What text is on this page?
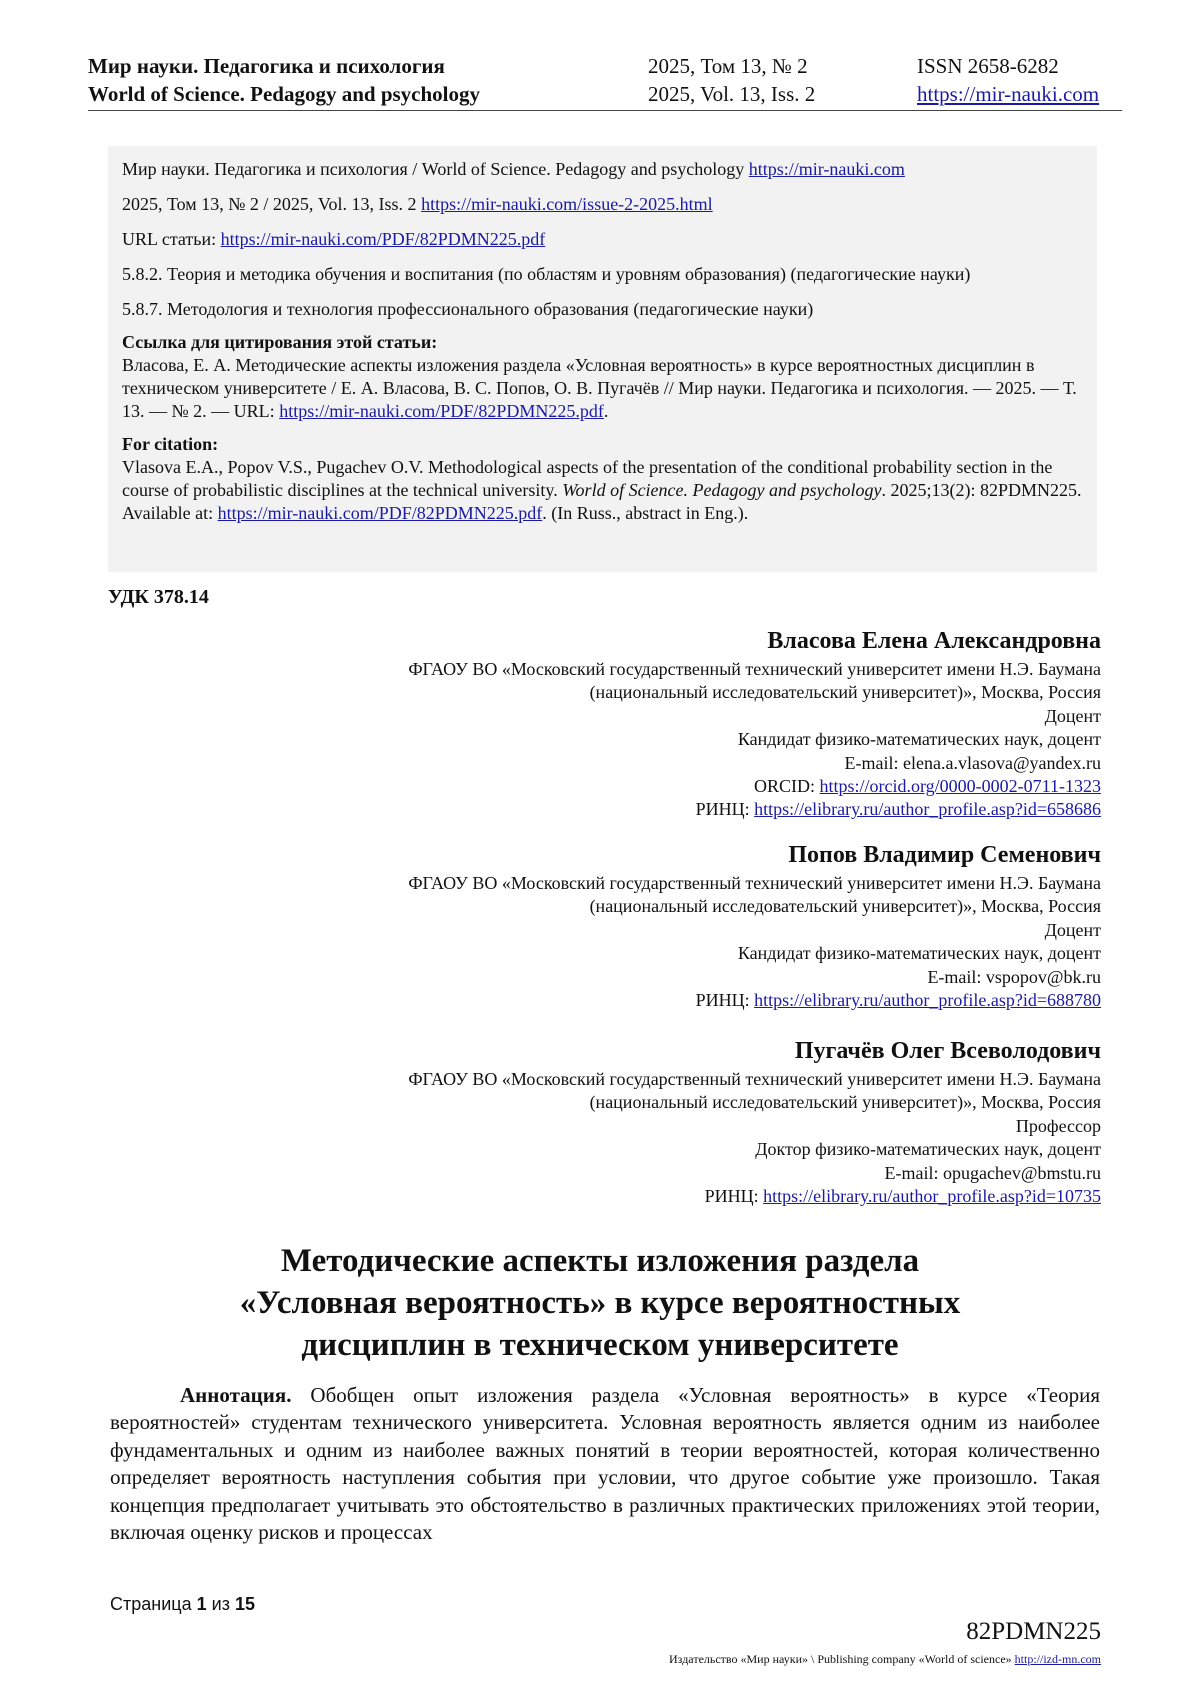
Мир науки. Педагогика и психология
World of Science. Pedagogy and psychology
2025, Том 13, № 2
2025, Vol. 13, Iss. 2
ISSN 2658-6282
https://mir-nauki.com

Мир науки. Педагогика и психология / World of Science. Pedagogy and psychology https://mir-nauki.com

2025, Том 13, № 2 / 2025, Vol. 13, Iss. 2 https://mir-nauki.com/issue-2-2025.html

URL статьи: https://mir-nauki.com/PDF/82PDMN225.pdf

5.8.2. Теория и методика обучения и воспитания (по областям и уровням образования) (педагогические науки)

5.8.7. Методология и технология профессионального образования (педагогические науки)

Ссылка для цитирования этой статьи:

Власова, Е. А. Методические аспекты изложения раздела «Условная вероятность» в курсе вероятностных дисциплин в техническом университете / Е. А. Власова, В. С. Попов, О. В. Пугачёв // Мир науки. Педагогика и психология. — 2025. — Т. 13. — № 2. — URL: https://mir-nauki.com/PDF/82PDMN225.pdf.

For citation:

Vlasova E.A., Popov V.S., Pugachev O.V. Methodological aspects of the presentation of the conditional probability section in the course of probabilistic disciplines at the technical university. World of Science. Pedagogy and psychology. 2025;13(2): 82PDMN225. Available at: https://mir-nauki.com/PDF/82PDMN225.pdf. (In Russ., abstract in Eng.).

УДК 378.14
Власова Елена Александровна
ФГАОУ ВО «Московский государственный технический университет имени Н.Э. Баумана
(национальный исследовательский университет)», Москва, Россия
Доцент
Кандидат физико-математических наук, доцент
E-mail: elena.a.vlasova@yandex.ru
ORCID: https://orcid.org/0000-0002-0711-1323
РИНЦ: https://elibrary.ru/author_profile.asp?id=658686
Попов Владимир Семенович
ФГАОУ ВО «Московский государственный технический университет имени Н.Э. Баумана
(национальный исследовательский университет)», Москва, Россия
Доцент
Кандидат физико-математических наук, доцент
E-mail: vspopov@bk.ru
РИНЦ: https://elibrary.ru/author_profile.asp?id=688780
Пугачёв Олег Всеволодович
ФГАОУ ВО «Московский государственный технический университет имени Н.Э. Баумана
(национальный исследовательский университет)», Москва, Россия
Профессор
Доктор физико-математических наук, доцент
E-mail: opugachev@bmstu.ru
РИНЦ: https://elibrary.ru/author_profile.asp?id=10735
Методические аспекты изложения раздела
«Условная вероятность» в курсе вероятностных
дисциплин в техническом университете
Аннотация. Обобщен опыт изложения раздела «Условная вероятность» в курсе «Теория вероятностей» студентам технического университета. Условная вероятность является одним из наиболее фундаментальных и одним из наиболее важных понятий в теории вероятностей, которая количественно определяет вероятность наступления события при условии, что другое событие уже произошло. Такая концепция предполагает учитывать это обстоятельство в различных практических приложениях этой теории, включая оценку рисков и процессах
Страница 1 из 15
82PDMN225
Издательство «Мир науки» \ Publishing company «World of science» http://izd-mn.com
